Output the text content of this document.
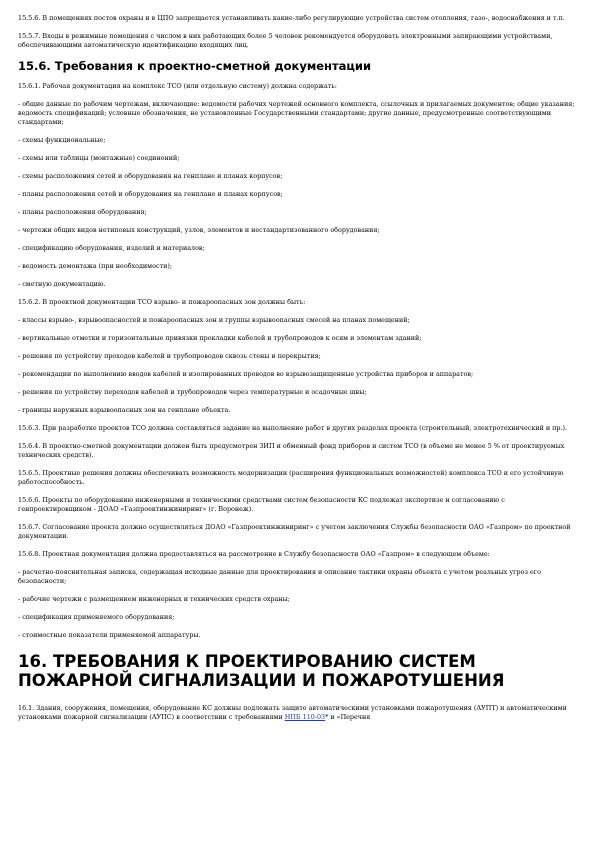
15.5.6. В помещениях постов охраны и в ЦПО запрещается устанавливать какие-либо регулирующие устройства систем отопления, газо-, водоснабжения и т.п.

15.5.7. Входы в режимные помещения с числом в них работающих более 5 человек рекомендуется оборудовать электронными запирающими устройствами, обеспечивающими автоматическую идентификацию входящих лиц.

15.6. Требования к проектно-сметной документации

15.6.1. Рабочая документация на комплекс ТСО (или отдельную систему) должна содержать:

- общие данные по рабочим чертежам, включающие: ведомости рабочих чертежей основного комплекта, ссылочных и прилагаемых документов; общие указания; ведомость спецификаций; условные обозначения, не установленные Государственными стандартами; другие данные, предусмотренные соответствующими стандартами;

- схемы функциональные;

- схемы или таблицы (монтажные) соединений;

- схемы расположения сетей и оборудования на генплане и планах корпусов;

- планы расположения сетей и оборудования на генплане и планах корпусов;

- планы расположения оборудования;

- чертежи общих видов нетиповых конструкций, узлов, элементов и нестандартизованного оборудования;

- спецификацию оборудования, изделий и материалов;

- ведомость демонтажа (при необходимости);

- сметную документацию.

15.6.2. В проектной документации ТСО взрыво- и пожароопасных зон должны быть:

- классы взрыво-, взрывоопасностей и пожароопасных зон и группы взрывоопасных смесей на планах помещений;

- вертикальные отметки и горизонтальные привязки прокладки кабелей и трубопроводов к осям и элементам зданий;

- решения по устройству проходов кабелей и трубопроводов сквозь стены и перекрытия;

- рекомендации по выполнению вводов кабелей и изолированных проводов во взрывозащищенные устройства приборов и аппаратов;

- решения по устройству переходов кабелей и трубопроводов через температурные и осадочные швы;

- границы наружных взрывоопасных зон на генплане объекта.

15.6.3. При разработке проектов ТСО должна составляться задание на выполнение работ в других разделах проекта (строительный, электротехнический и пр.).

15.6.4. В проектно-сметной документации должен быть предусмотрен ЗИП и обменный фонд приборов и систем ТСО (в объеме не менее 5 % от проектируемых технических средств).

15.6.5. Проектные решения должны обеспечивать возможность модернизации (расширения функциональных возможностей) комплекса ТСО и его устойчивую работоспособность.

15.6.6. Проекты по оборудованию инженерными и техническими средствами систем безопасности КС подлежат экспертизе и согласованию с генпроектировщиком - ДОАО «Газпроектинжиниринг» (г. Воронеж).

15.6.7. Согласование проекта должно осуществляться ДОАО «Газпроектинжиниринг» с учетом заключения Службы безопасности ОАО «Газпром» по проектной документации.

15.6.8. Проектная документация должна предоставляться на рассмотрение в Службу безопасности ОАО «Газпром» в следующем объеме:

- расчетно-пояснительная записка, содержащая исходные данные для проектирования и описание тактики охраны объекта с учетом реальных угроз его безопасности;

- рабочие чертежи с размещением инженерных и технических средств охраны;

- спецификация применяемого оборудования;

- стоимостные показатели применяемой аппаратуры.

16. ТРЕБОВАНИЯ К ПРОЕКТИРОВАНИЮ СИСТЕМ ПОЖАРНОЙ СИГНАЛИЗАЦИИ И ПОЖАРОТУШЕНИЯ

16.1. Здания, сооружения, помещения, оборудование КС должны подлежать защите автоматическими установками пожаротушения (АУПТ) и автоматическими установками пожарной сигнализации (АУПС) в соответствии с требованиями НПБ 110-03* и «Перечня
